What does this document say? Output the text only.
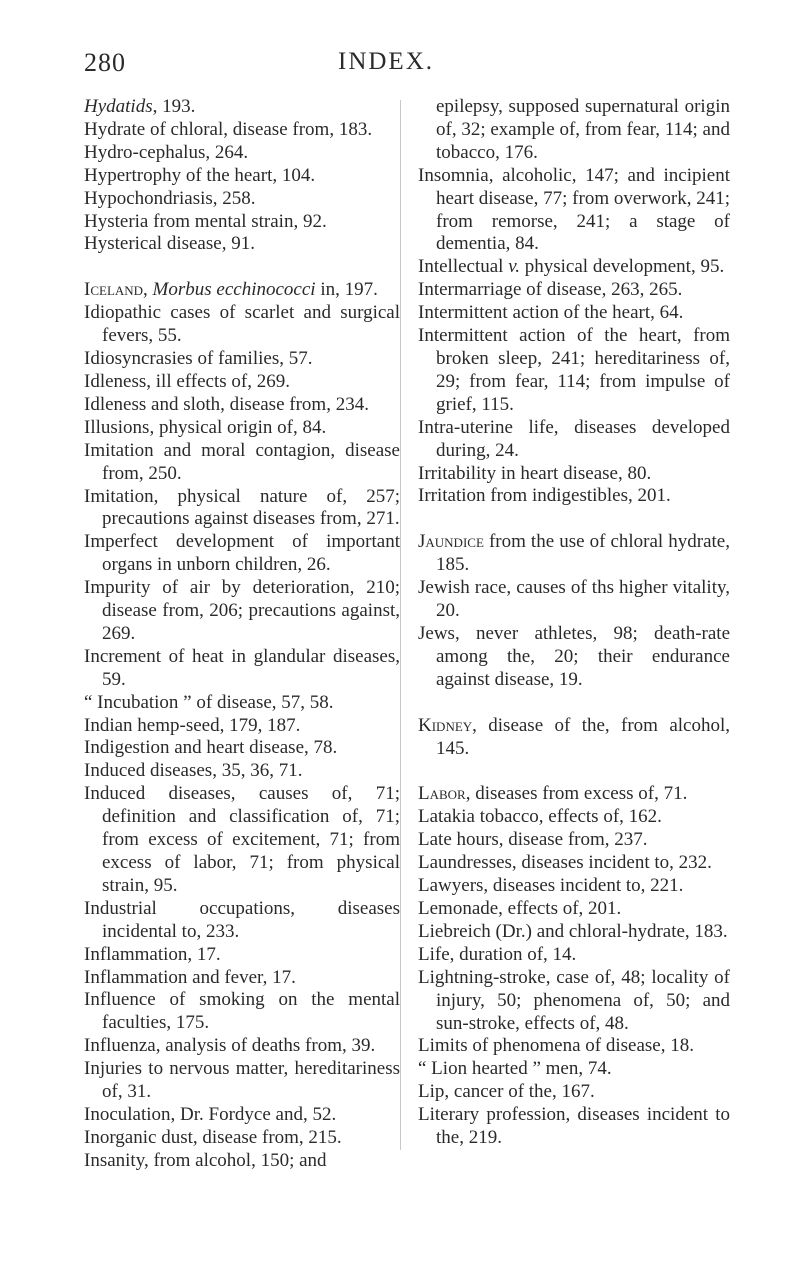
280	INDEX.
Hydatids, 193.
Hydrate of chloral, disease from, 183.
Hydro-cephalus, 264.
Hypertrophy of the heart, 104.
Hypochondriasis, 258.
Hysteria from mental strain, 92.
Hysterical disease, 91.
Iceland, Morbus ecchinococci in, 197.
Idiopathic cases of scarlet and surgical fevers, 55.
Idiosyncrasies of families, 57.
Idleness, ill effects of, 269.
Idleness and sloth, disease from, 234.
Illusions, physical origin of, 84.
Imitation and moral contagion, disease from, 250.
Imitation, physical nature of, 257; precautions against diseases from, 271.
Imperfect development of important organs in unborn children, 26.
Impurity of air by deterioration, 210; disease from, 206; precautions against, 269.
Increment of heat in glandular diseases, 59.
“ Incubation ” of disease, 57, 58.
Indian hemp-seed, 179, 187.
Indigestion and heart disease, 78.
Induced diseases, 35, 36, 71.
Induced diseases, causes of, 71; definition and classification of, 71; from excess of excitement, 71; from excess of labor, 71; from physical strain, 95.
Industrial occupations, diseases incidental to, 233.
Inflammation, 17.
Inflammation and fever, 17.
Influence of smoking on the mental faculties, 175.
Influenza, analysis of deaths from, 39.
Injuries to nervous matter, hereditariness of, 31.
Inoculation, Dr. Fordyce and, 52.
Inorganic dust, disease from, 215.
Insanity, from alcohol, 150; and
epilepsy, supposed supernatural origin of, 32; example of, from fear, 114; and tobacco, 176.
Insomnia, alcoholic, 147; and incipient heart disease, 77; from overwork, 241; from remorse, 241; a stage of dementia, 84.
Intellectual v. physical development, 95.
Intermarriage of disease, 263, 265.
Intermittent action of the heart, 64.
Intermittent action of the heart, from broken sleep, 241; hereditariness of, 29; from fear, 114; from impulse of grief, 115.
Intra-uterine life, diseases developed during, 24.
Irritability in heart disease, 80.
Irritation from indigestibles, 201.
Jaundice from the use of chloral hydrate, 185.
Jewish race, causes of ths higher vitality, 20.
Jews, never athletes, 98; death-rate among the, 20; their endurance against disease, 19.
Kidney, disease of the, from alcohol, 145.
Labor, diseases from excess of, 71.
Latakia tobacco, effects of, 162.
Late hours, disease from, 237.
Laundresses, diseases incident to, 232.
Lawyers, diseases incident to, 221.
Lemonade, effects of, 201.
Liebreich (Dr.) and chloral-hydrate, 183.
Life, duration of, 14.
Lightning-stroke, case of, 48; locality of injury, 50; phenomena of, 50; and sun-stroke, effects of, 48.
Limits of phenomena of disease, 18.
“ Lion hearted ” men, 74.
Lip, cancer of the, 167.
Literary profession, diseases incident to the, 219.
